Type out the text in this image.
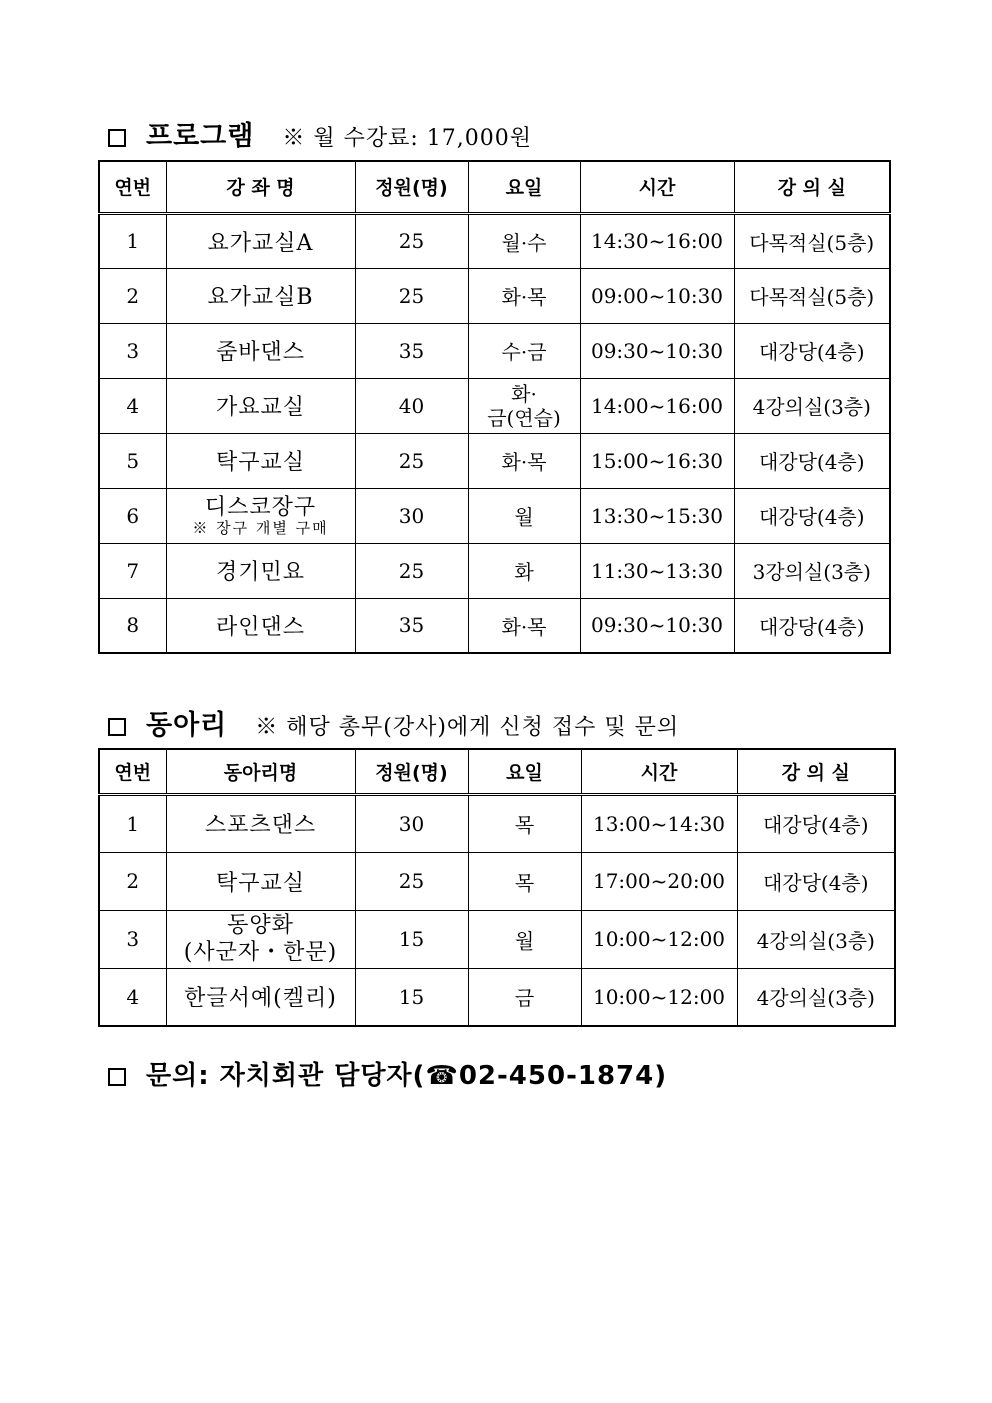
프로그램 ※ 월 수강료: 17,000원
연번	강 좌 명	정원(명)	요일	시간	강 의 실
1	요가교실A	25	월·수	14:30~16:00	다목적실(5층)
2	요가교실B	25	화·목	09:00~10:30	다목적실(5층)
3	줌바댄스	35	수·금	09:30~10:30	대강당(4층)
4	가요교실	40	화·
금(연습)	14:00~16:00	4강의실(3층)
5	탁구교실	25	화·목	15:00~16:30	대강당(4층)
6	디스코장구
※ 장구 개별 구매	30	월	13:30~15:30	대강당(4층)
7	경기민요	25	화	11:30~13:30	3강의실(3층)
8	라인댄스	35	화·목	09:30~10:30	대강당(4층)
동아리 ※ 해당 총무(강사)에게 신청 접수 및 문의
연번	동아리명	정원(명)	요일	시간	강 의 실
1	스포츠댄스	30	목	13:00~14:30	대강당(4층)
2	탁구교실	25	목	17:00~20:00	대강당(4층)
3	동양화
(사군자・한문)	15	월	10:00~12:00	4강의실(3층)
4	한글서예(켈리)	15	금	10:00~12:00	4강의실(3층)
문의: 자치회관 담당자( ☎ 02-450-1874 )
